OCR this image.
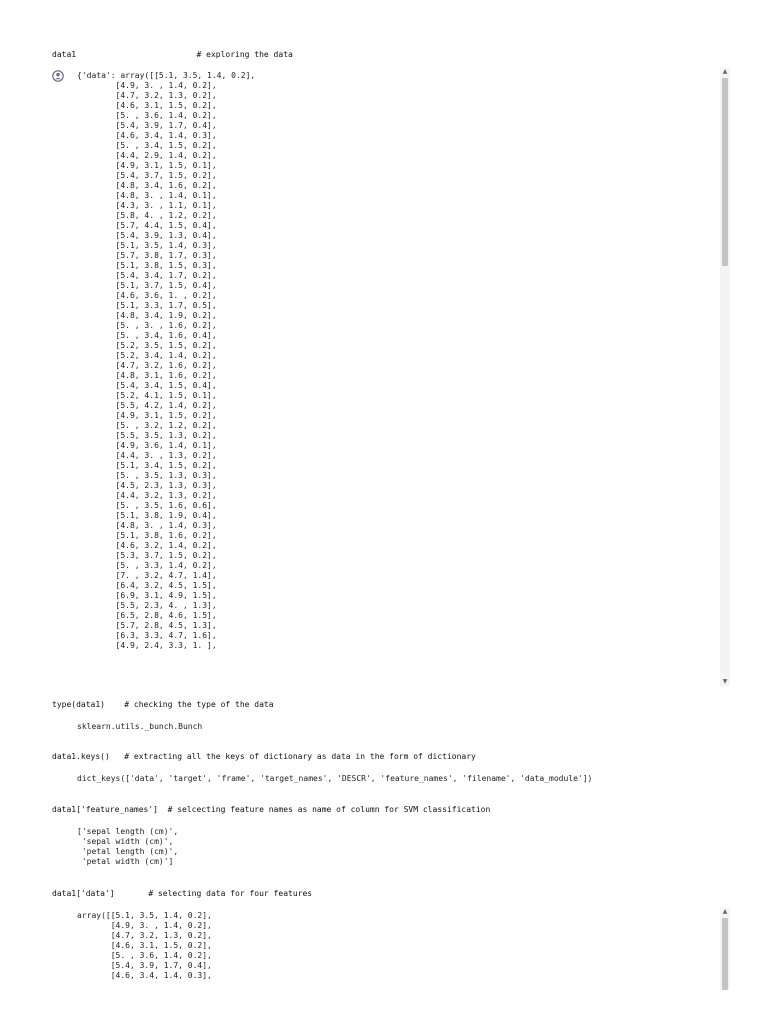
data1                         # exploring the data
{'data': array([[5.1, 3.5, 1.4, 0.2],
[4.9, 3. , 1.4, 0.2],
[4.7, 3.2, 1.3, 0.2],
[4.6, 3.1, 1.5, 0.2],
[5. , 3.6, 1.4, 0.2],
[5.4, 3.9, 1.7, 0.4],
[4.6, 3.4, 1.4, 0.3],
[5. , 3.4, 1.5, 0.2],
[4.4, 2.9, 1.4, 0.2],
[4.9, 3.1, 1.5, 0.1],
[5.4, 3.7, 1.5, 0.2],
[4.8, 3.4, 1.6, 0.2],
[4.8, 3. , 1.4, 0.1],
[4.3, 3. , 1.1, 0.1],
[5.8, 4. , 1.2, 0.2],
[5.7, 4.4, 1.5, 0.4],
[5.4, 3.9, 1.3, 0.4],
[5.1, 3.5, 1.4, 0.3],
[5.7, 3.8, 1.7, 0.3],
[5.1, 3.8, 1.5, 0.3],
[5.4, 3.4, 1.7, 0.2],
[5.1, 3.7, 1.5, 0.4],
[4.6, 3.6, 1. , 0.2],
[5.1, 3.3, 1.7, 0.5],
[4.8, 3.4, 1.9, 0.2],
[5. , 3. , 1.6, 0.2],
[5. , 3.4, 1.6, 0.4],
[5.2, 3.5, 1.5, 0.2],
[5.2, 3.4, 1.4, 0.2],
[4.7, 3.2, 1.6, 0.2],
[4.8, 3.1, 1.6, 0.2],
[5.4, 3.4, 1.5, 0.4],
[5.2, 4.1, 1.5, 0.1],
[5.5, 4.2, 1.4, 0.2],
[4.9, 3.1, 1.5, 0.2],
[5. , 3.2, 1.2, 0.2],
[5.5, 3.5, 1.3, 0.2],
[4.9, 3.6, 1.4, 0.1],
[4.4, 3. , 1.3, 0.2],
[5.1, 3.4, 1.5, 0.2],
[5. , 3.5, 1.3, 0.3],
[4.5, 2.3, 1.3, 0.3],
[4.4, 3.2, 1.3, 0.2],
[5. , 3.5, 1.6, 0.6],
[5.1, 3.8, 1.9, 0.4],
[4.8, 3. , 1.4, 0.3],
[5.1, 3.8, 1.6, 0.2],
[4.6, 3.2, 1.4, 0.2],
[5.3, 3.7, 1.5, 0.2],
[5. , 3.3, 1.4, 0.2],
[7. , 3.2, 4.7, 1.4],
[6.4, 3.2, 4.5, 1.5],
[6.9, 3.1, 4.9, 1.5],
[5.5, 2.3, 4. , 1.3],
[6.5, 2.8, 4.6, 1.5],
[5.7, 2.8, 4.5, 1.3],
[6.3, 3.3, 4.7, 1.6],
[4.9, 2.4, 3.3, 1. ],
▲
▼
type(data1)    # checking the type of the data
sklearn.utils._bunch.Bunch
data1.keys()   # extracting all the keys of dictionary as data in the form of dictionary
dict_keys(['data', 'target', 'frame', 'target_names', 'DESCR', 'feature_names', 'filename', 'data_module'])
data1['feature_names']  # selcecting feature names as name of column for SVM classification
['sepal length (cm)',
'sepal width (cm)',
'petal length (cm)',
'petal width (cm)']
data1['data']       # selecting data for four features
array([[5.1, 3.5, 1.4, 0.2],
[4.9, 3. , 1.4, 0.2],
[4.7, 3.2, 1.3, 0.2],
[4.6, 3.1, 1.5, 0.2],
[5. , 3.6, 1.4, 0.2],
[5.4, 3.9, 1.7, 0.4],
[4.6, 3.4, 1.4, 0.3],
▲
